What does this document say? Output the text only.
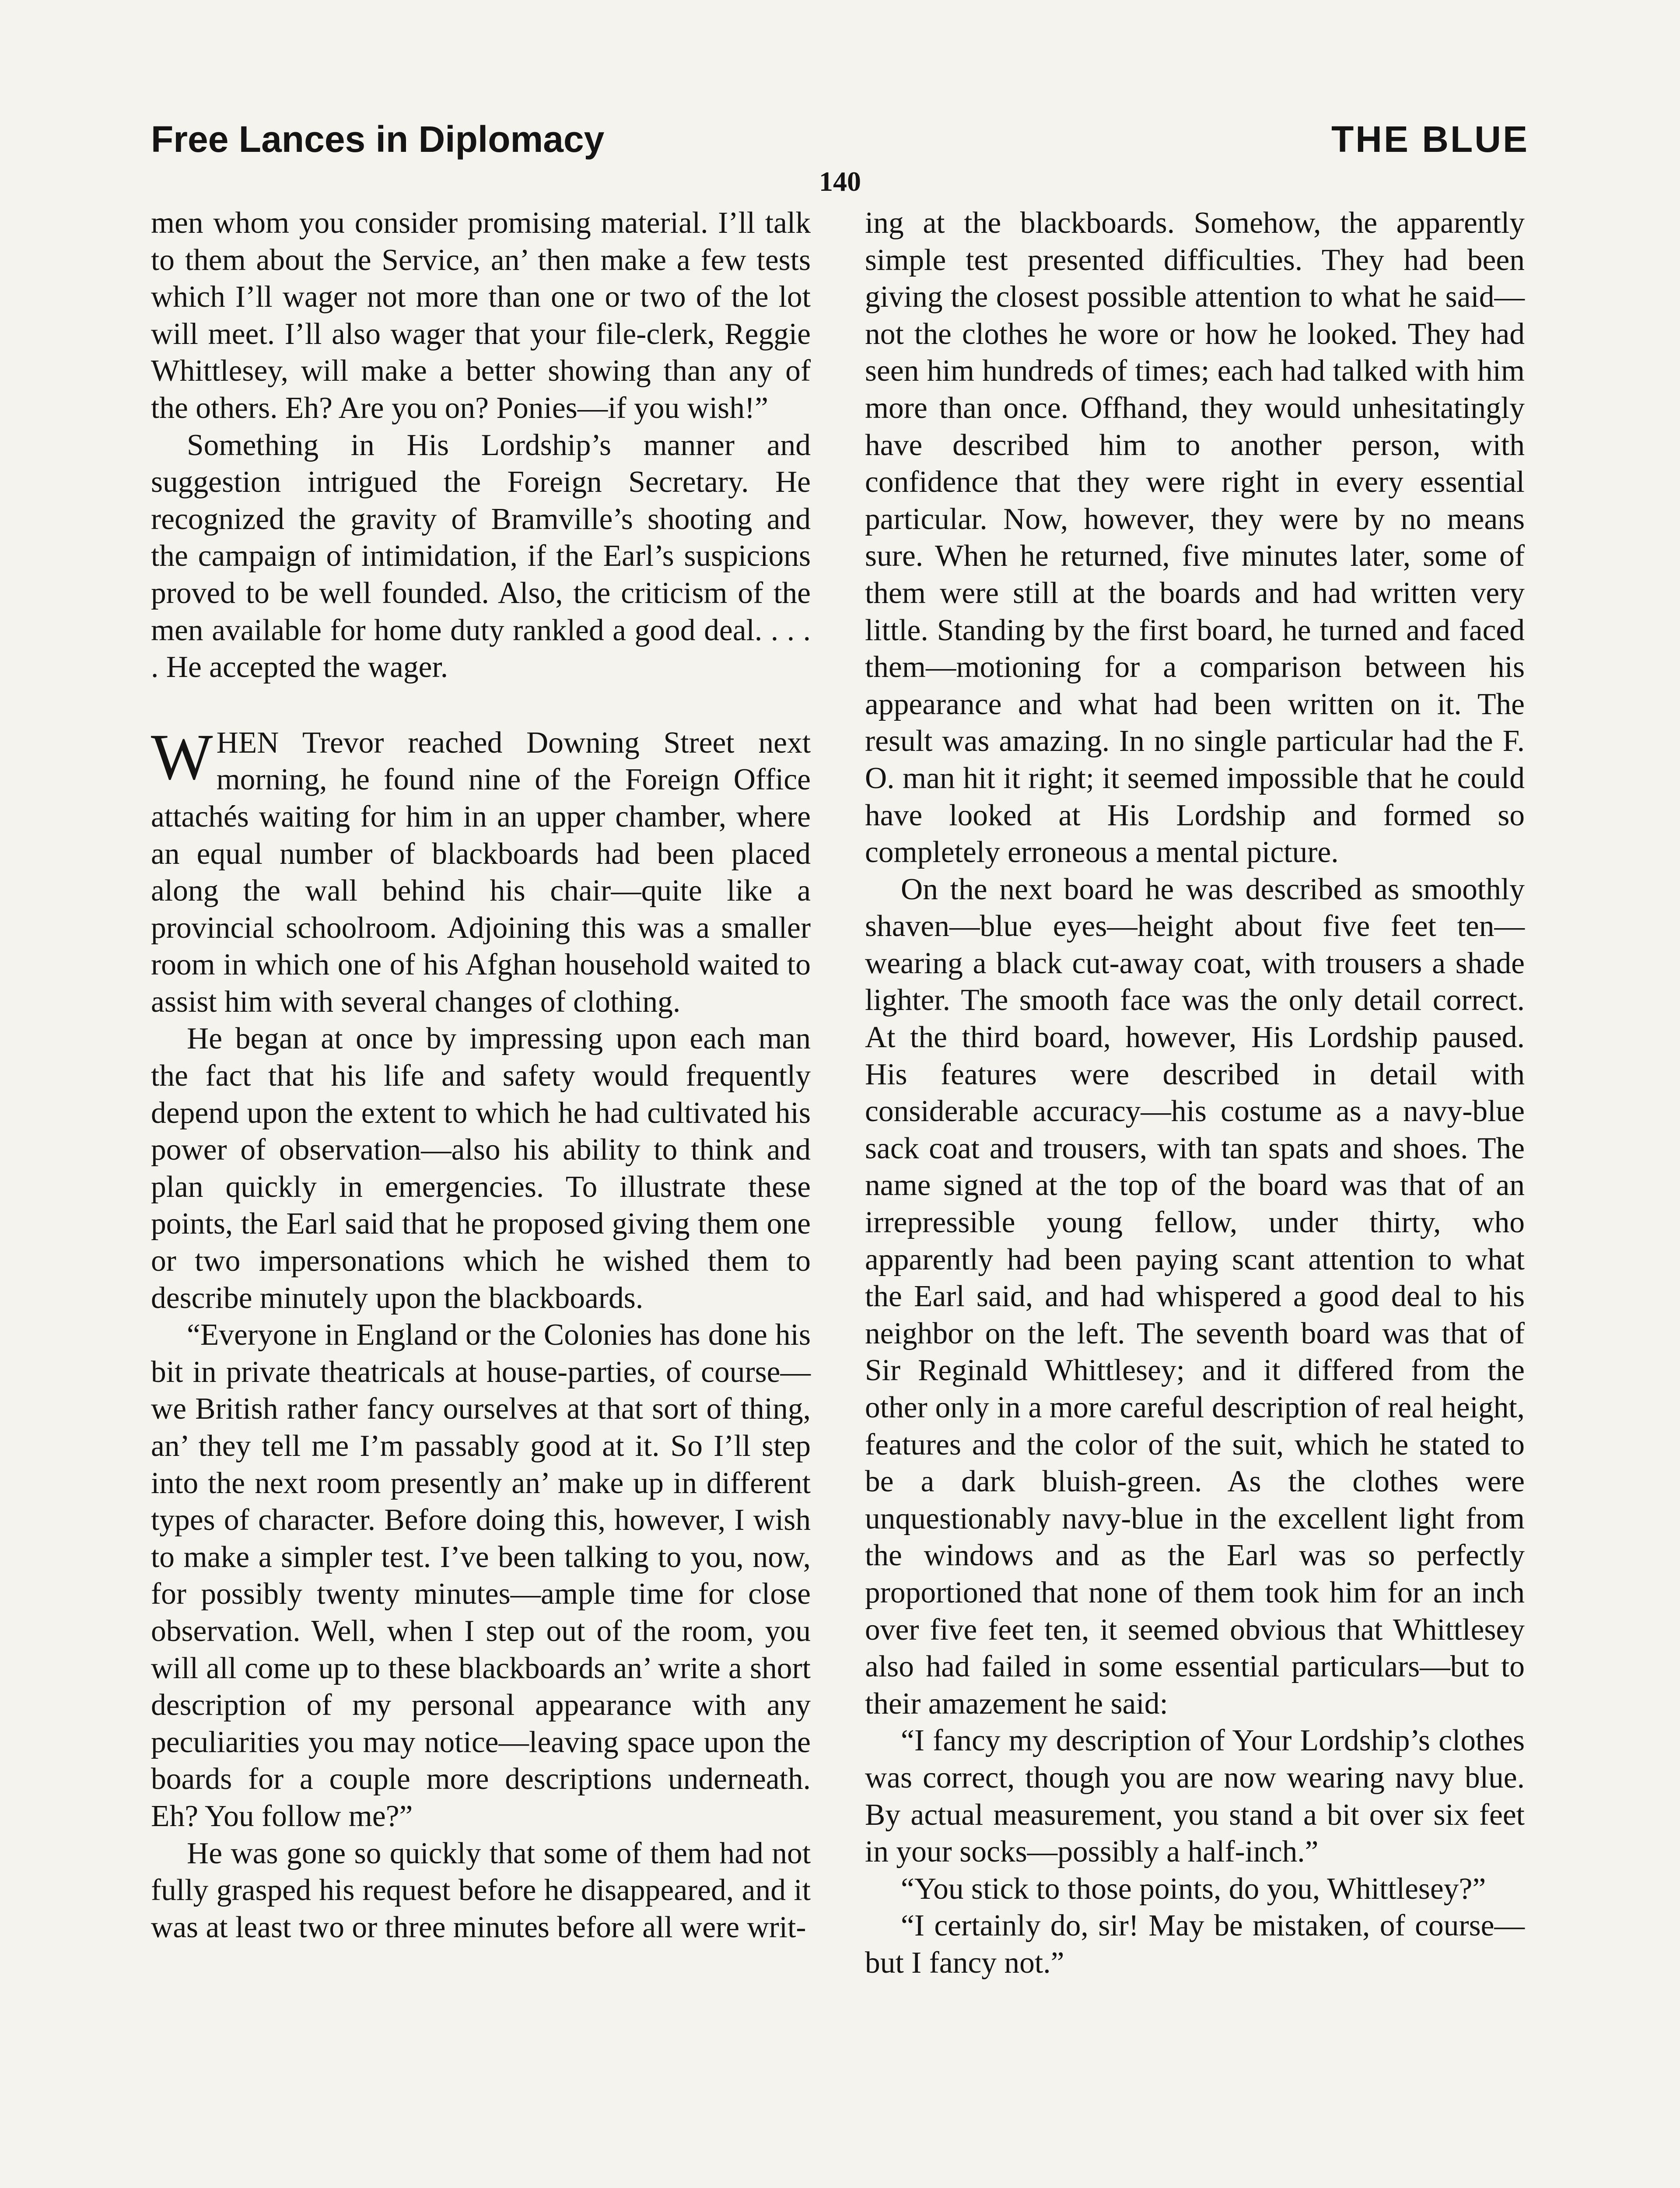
Free Lances in Diplomacy	THE BLUE
140

men whom you consider promising material. I’ll talk to them about the Service, an’ then make a few tests which I’ll wager not more than one or two of the lot will meet. I’ll also wager that your file-clerk, Reggie Whittlesey, will make a better showing than any of the others. Eh? Are you on? Ponies—if you wish!”

Something in His Lordship’s manner and suggestion intrigued the Foreign Secretary. He recognized the gravity of Bramville’s shooting and the campaign of intimidation, if the Earl’s suspicions proved to be well founded. Also, the criticism of the men available for home duty rankled a good deal. . . . . He accepted the wager.

WHEN Trevor reached Downing Street next morning, he found nine of the Foreign Office attachés waiting for him in an upper chamber, where an equal number of blackboards had been placed along the wall behind his chair—quite like a provincial schoolroom. Adjoining this was a smaller room in which one of his Afghan household waited to assist him with several changes of clothing.

He began at once by impressing upon each man the fact that his life and safety would frequently depend upon the extent to which he had cultivated his power of observation—also his ability to think and plan quickly in emergencies. To illustrate these points, the Earl said that he proposed giving them one or two impersonations which he wished them to describe minutely upon the blackboards.

“Everyone in England or the Colonies has done his bit in private theatricals at house-parties, of course—we British rather fancy ourselves at that sort of thing, an’ they tell me I’m passably good at it. So I’ll step into the next room presently an’ make up in different types of character. Before doing this, however, I wish to make a simpler test. I’ve been talking to you, now, for possibly twenty minutes—ample time for close observation. Well, when I step out of the room, you will all come up to these blackboards an’ write a short description of my personal appearance with any peculiarities you may notice—leaving space upon the boards for a couple more descriptions underneath. Eh? You follow me?”

He was gone so quickly that some of them had not fully grasped his request before he disappeared, and it was at least two or three minutes before all were writ-

ing at the blackboards. Somehow, the apparently simple test presented difficulties. They had been giving the closest possible attention to what he said—not the clothes he wore or how he looked. They had seen him hundreds of times; each had talked with him more than once. Offhand, they would unhesitatingly have described him to another person, with confidence that they were right in every essential particular. Now, however, they were by no means sure. When he returned, five minutes later, some of them were still at the boards and had written very little. Standing by the first board, he turned and faced them—motioning for a comparison between his appearance and what had been written on it. The result was amazing. In no single particular had the F. O. man hit it right; it seemed impossible that he could have looked at His Lordship and formed so completely erroneous a mental picture.

On the next board he was described as smoothly shaven—blue eyes—height about five feet ten—wearing a black cut-away coat, with trousers a shade lighter. The smooth face was the only detail correct. At the third board, however, His Lordship paused. His features were described in detail with considerable accuracy—his costume as a navy-blue sack coat and trousers, with tan spats and shoes. The name signed at the top of the board was that of an irrepressible young fellow, under thirty, who apparently had been paying scant attention to what the Earl said, and had whispered a good deal to his neighbor on the left. The seventh board was that of Sir Reginald Whittlesey; and it differed from the other only in a more careful description of real height, features and the color of the suit, which he stated to be a dark bluish-green. As the clothes were unquestionably navy-blue in the excellent light from the windows and as the Earl was so perfectly proportioned that none of them took him for an inch over five feet ten, it seemed obvious that Whittlesey also had failed in some essential particulars—but to their amazement he said:

“I fancy my description of Your Lordship’s clothes was correct, though you are now wearing navy blue. By actual measurement, you stand a bit over six feet in your socks—possibly a half-inch.”

“You stick to those points, do you, Whittlesey?”

“I certainly do, sir! May be mistaken, of course—but I fancy not.”
